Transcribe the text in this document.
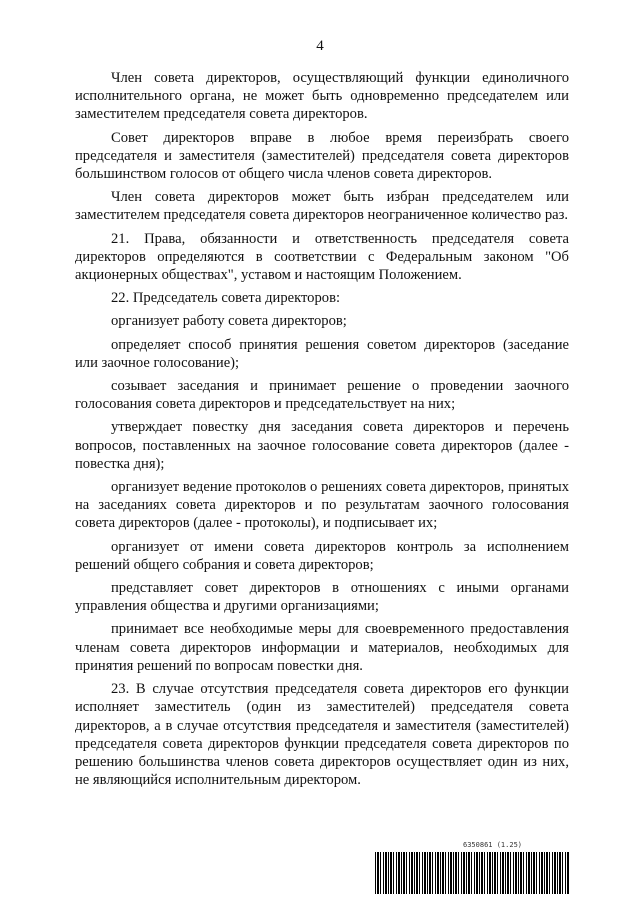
4

Член совета директоров, осуществляющий функции единоличного исполнительного органа, не может быть одновременно председателем или заместителем председателя совета директоров.

Совет директоров вправе в любое время переизбрать своего председателя и заместителя (заместителей) председателя совета директоров большинством голосов от общего числа членов совета директоров.

Член совета директоров может быть избран председателем или заместителем председателя совета директоров неограниченное количество раз.

21. Права, обязанности и ответственность председателя совета директоров определяются в соответствии с Федеральным законом "Об акционерных обществах", уставом и настоящим Положением.

22. Председатель совета директоров:

организует работу совета директоров;

определяет способ принятия решения советом директоров (заседание или заочное голосование);

созывает заседания и принимает решение о проведении заочного голосования совета директоров и председательствует на них;

утверждает повестку дня заседания совета директоров и перечень вопросов, поставленных на заочное голосование совета директоров (далее - повестка дня);

организует ведение протоколов о решениях совета директоров, принятых на заседаниях совета директоров и по результатам заочного голосования совета директоров (далее - протоколы), и подписывает их;

организует от имени совета директоров контроль за исполнением решений общего собрания и совета директоров;

представляет совет директоров в отношениях с иными органами управления общества и другими организациями;

принимает все необходимые меры для своевременного предоставления членам совета директоров информации и материалов, необходимых для принятия решений по вопросам повестки дня.

23. В случае отсутствия председателя совета директоров его функции исполняет заместитель (один из заместителей) председателя совета директоров, а в случае отсутствия председателя и заместителя (заместителей) председателя совета директоров функции председателя совета директоров по решению большинства членов совета директоров осуществляет один из них, не являющийся исполнительным директором.

6350861 (1.25)
